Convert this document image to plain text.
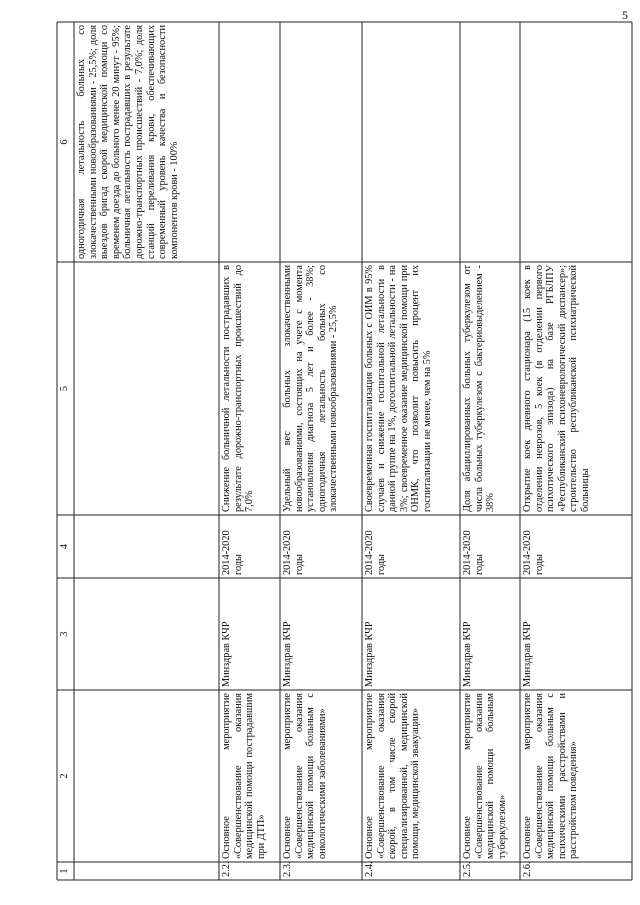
5
1
2
3
4
5
6 одногодичная летальность больных со злокачественными новообразованиями - 25,5%; доля выездов бригад скорой медицинской помощи со временем доезда до больного менее 20 минут - 95%; больничная летальность пострадавших в результате дорожно-транспортных происшествий - 7,0%; доля станций переливания крови, обеспечивающих современный уровень качества и безопасности компонентов крови - 100%
2.2.
Основное мероприятие «Совершенствование оказания медицинской помощи пострадавшим при ДТП»
Минздрав КЧР
2014-2020 годы
Снижение больничной летальности пострадавших в результате дорожно-транспортных происшествий до 7,0%
2.3.
Основное мероприятие «Совершенствование оказания медицинской помощи больным с онкологическими заболеваниями»
Минздрав КЧР
2014-2020 годы
Удельный вес больных злокачественными новообразованиями, состоящих на учете с момента установления диагноза 5 лет и более - 38%; одногодичная летальность больных со злокачественными новообразованиями - 25,5%
2.4.
Основное мероприятие «Совершенствование оказания скорой, в том числе скорой специализированной, медицинской помощи, медицинской эвакуации»
Минздрав КЧР
2014-2020 годы
Своевременная госпитализация больных с ОИМ в 95% случаев и снижение госпитальной летальности в данной группе на 1%, догоспитальной летальности - на 3%; своевременное оказание медицинской помощи при ОНМК, что позволит повысить процент их госпитализации не менее, чем на 5%
2.5.
Основное мероприятие «Совершенствование оказания медицинской помощи больным туберкулезом»
Минздрав КЧР
2014-2020 годы
Доля абациллированных больных туберкулезом от числа больных туберкулезом с бактериовыделением - 38%
2.6.
Основное мероприятие «Совершенствование оказания медицинской помощи больным с психическими расстройствами и расстройством поведения»
Минздрав КЧР
2014-2020 годы
Открытие коек дневного стационара (15 коек в отделении неврозов, 5 коек (в отделении первого психотического эпизода) на базе РГБЛПУ «Республиканский психоневрологический диспансер»; строительство республиканской психиатрической больницы
